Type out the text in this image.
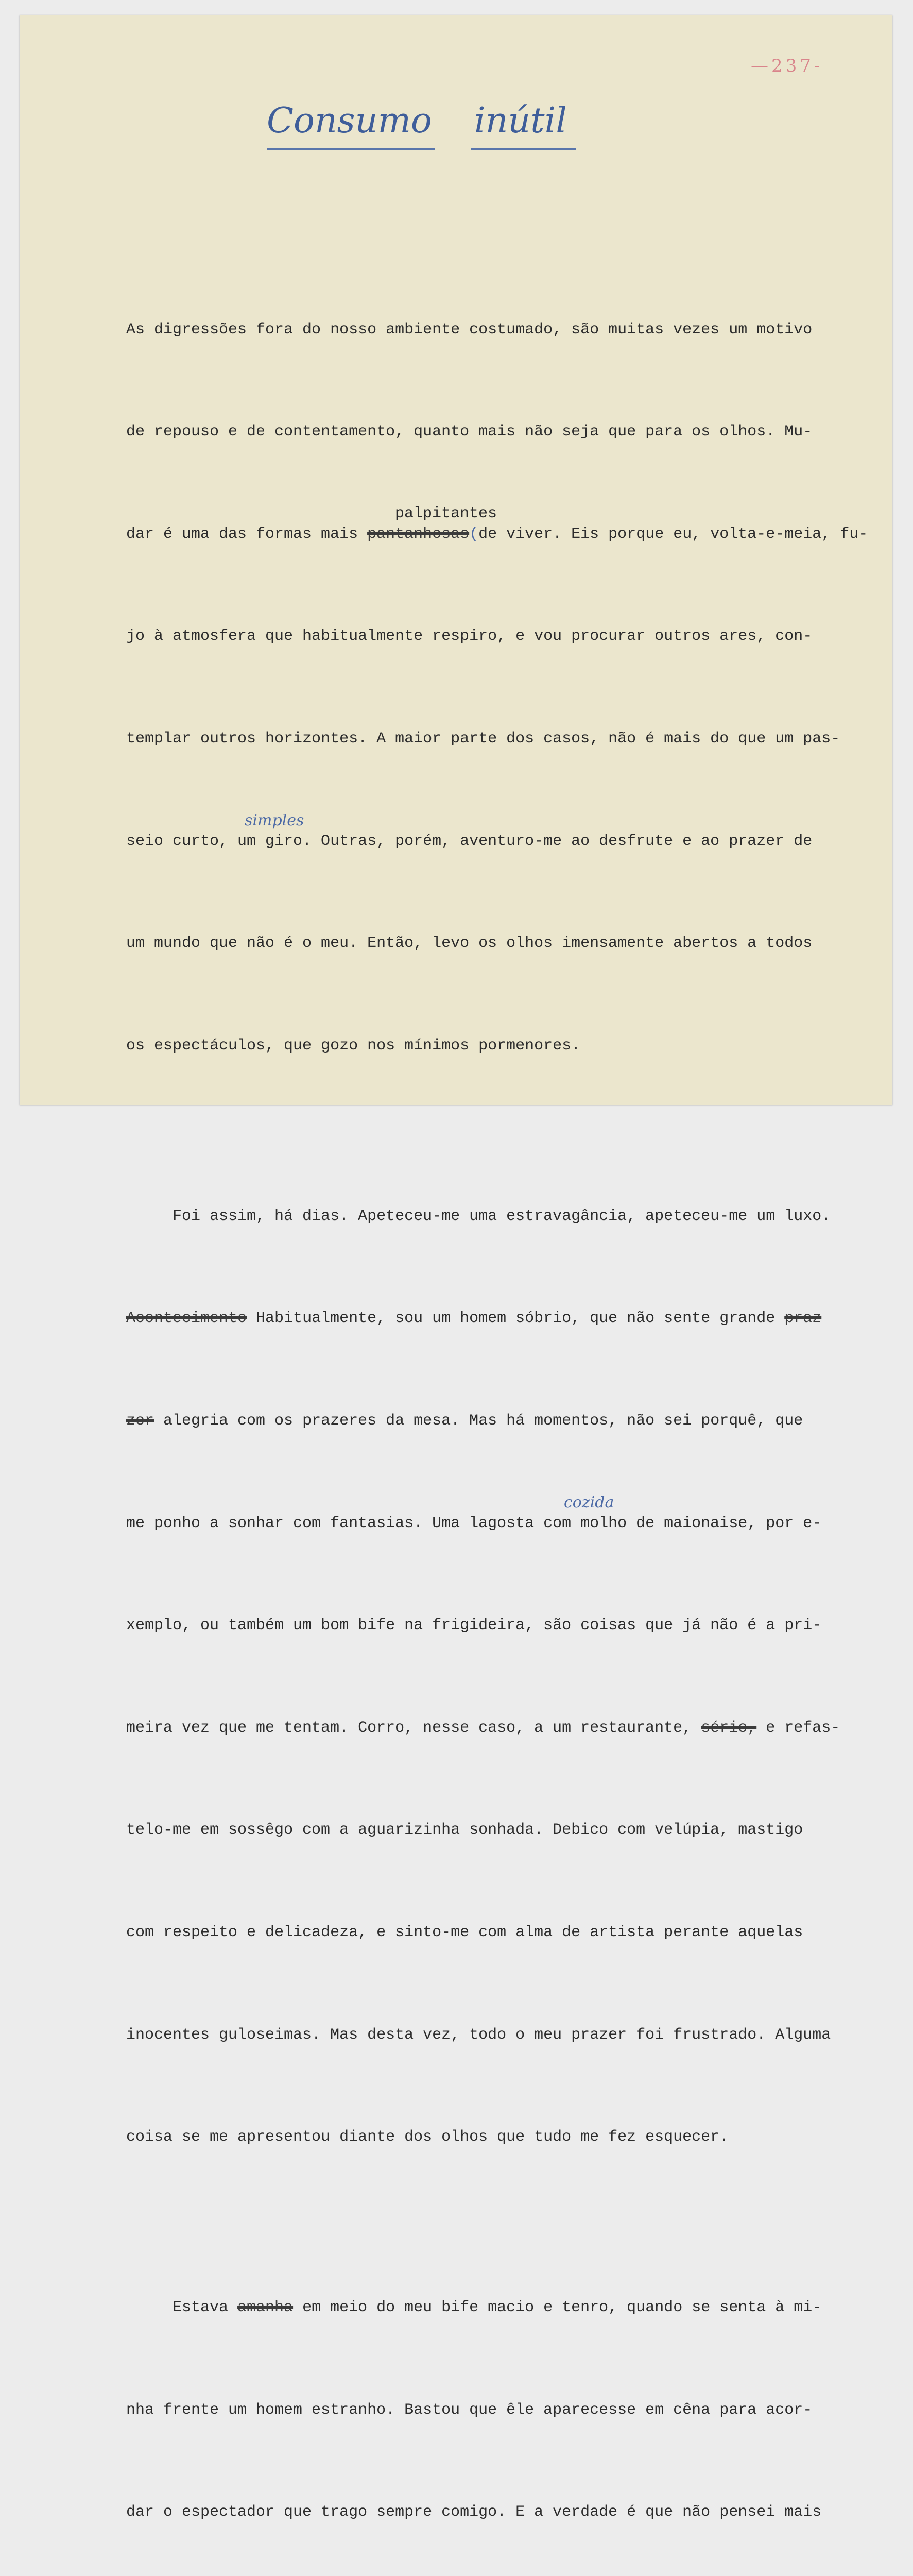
—237-
Consumo inútil

As digressões fora do nosso ambiente costumado, são muitas vezes um motivo

de repouso e de contentamento, quanto mais não seja que para os olhos. Mu-

dar é uma das formas mais pantanhosas(de viver. Eis porque eu, volta-e-meia, fu-
palpitantes

jo à atmosfera que habitualmente respiro, e vou procurar outros ares, con-

templar outros horizontes. A maior parte dos casos, não é mais do que um pas-

seio curto, um giro. Outras, porém, aventuro-me ao desfrute e ao prazer de
simples

um mundo que não é o meu. Então, levo os olhos imensamente abertos a todos

os espectáculos, que gozo nos mínimos pormenores.

Foi assim, há dias. Apeteceu-me uma estravagância, apeteceu-me um luxo.

Acontecimento Habitualmente, sou um homem sóbrio, que não sente grande praz

zer alegria com os prazeres da mesa. Mas há momentos, não sei porquê, que

me ponho a sonhar com fantasias. Uma lagosta com molho de maionaise, por e-
cozida

xemplo, ou também um bom bife na frigideira, são coisas que já não é a pri-

meira vez que me tentam. Corro, nesse caso, a um restaurante, sério, e refas-

telo-me em sossêgo com a aguarizinha sonhada. Debico com velúpia, mastigo

com respeito e delicadeza, e sinto-me com alma de artista perante aquelas

inocentes guloseimas. Mas desta vez, todo o meu prazer foi frustrado. Alguma

coisa se me apresentou diante dos olhos que tudo me fez esquecer.

Estava amanha em meio do meu bife macio e tenro, quando se senta à mi-

nha frente um homem estranho. Bastou que êle aparecesse em cêna para acor-

dar o espectador que trago sempre comigo. E a verdade é que não pensei mais
